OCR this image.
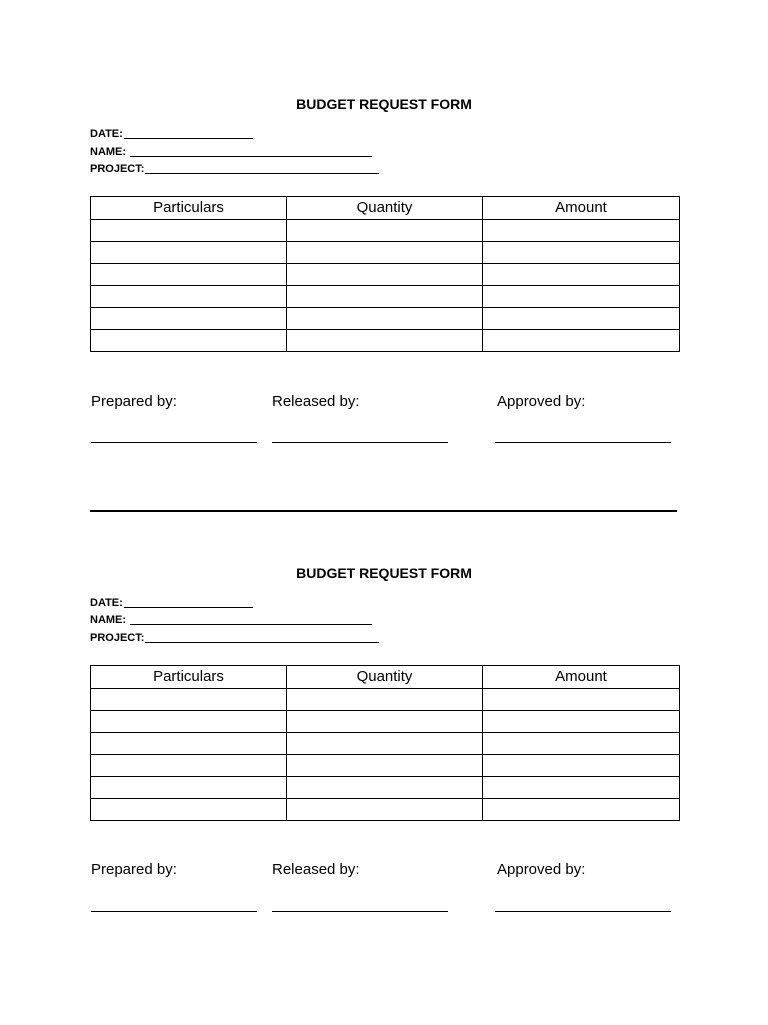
BUDGET REQUEST FORM
DATE:
NAME:
PROJECT:
Particulars	Quantity	Amount

Prepared by:	Released by:	Approved by:
BUDGET REQUEST FORM
DATE:
NAME:
PROJECT:
Particulars	Quantity	Amount

Prepared by:	Released by:	Approved by:
